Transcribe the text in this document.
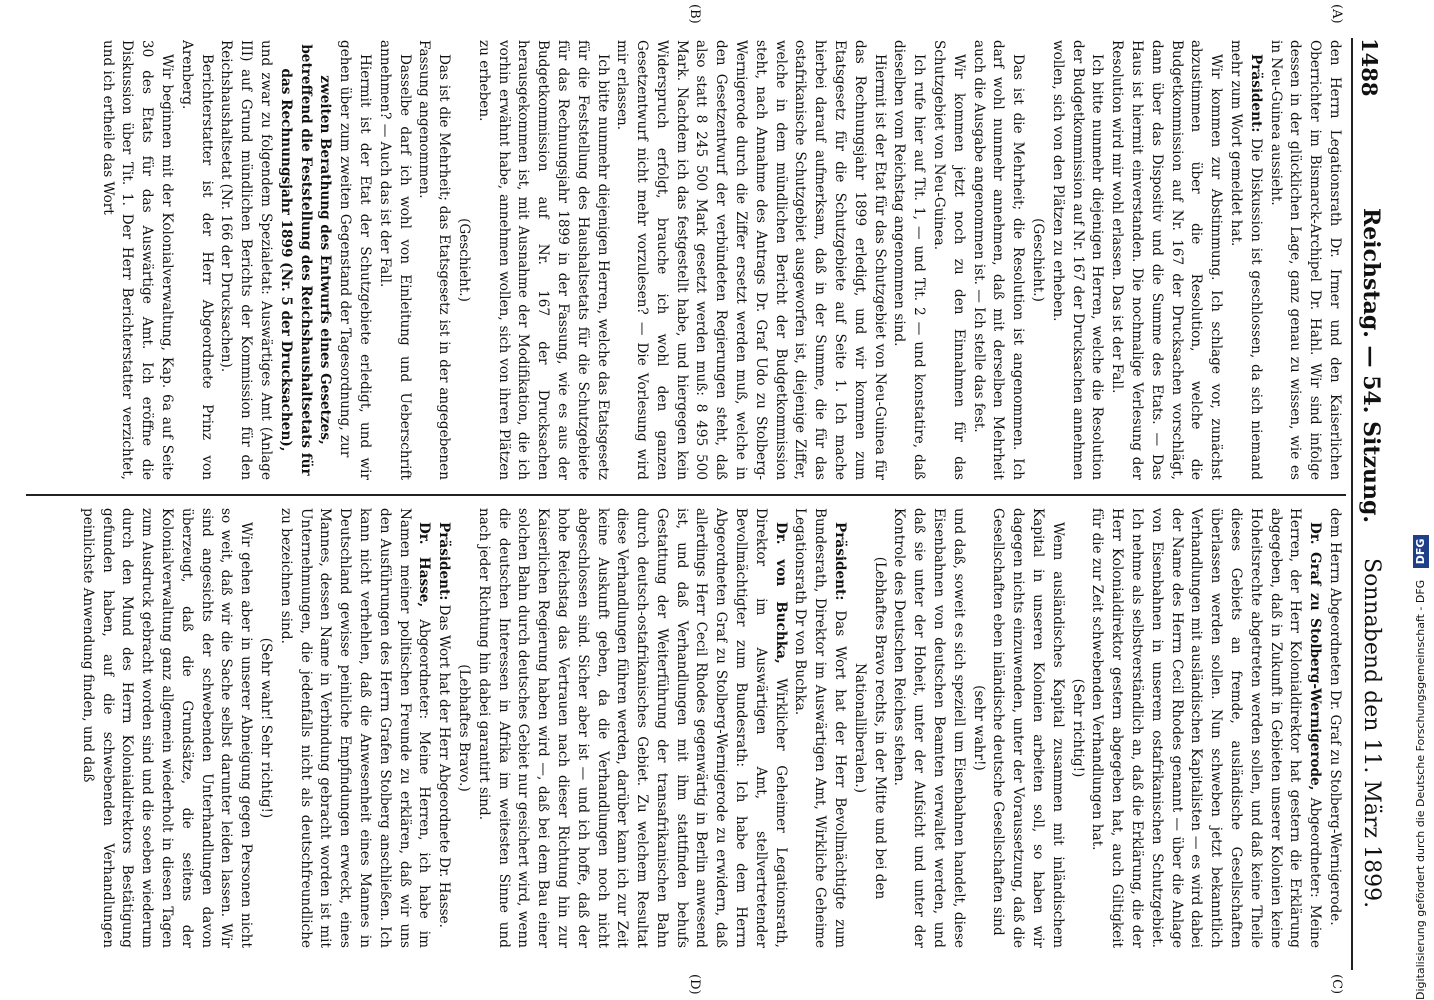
Digitalisierung gefördert durch die Deutsche Forschungsgemeinschaft - DFG DFG
1488
Reichstag. — 54. Sitzung.
Sonnabend den 11. März 1899.
(A)
(B)
(C)
(D)

den Herrn Legationsrath Dr. Irmer und den Kaiserlichen Oberrichter im Bismarck-Archipel Dr. Hahl. Wir sind infolge dessen in der glücklichen Lage, ganz genau zu wissen, wie es in Neu-Guinea aussieht.

Präsident: Die Diskussion ist geschlossen, da sich niemand mehr zum Wort gemeldet hat.

Wir kommen zur Abstimmung. Ich schlage vor, zunächst abzustimmen über die Resolution, welche die Budgetkommission auf Nr. 167 der Drucksachen vorschlägt, dann über das Dispositiv und die Summe des Etats. — Das Haus ist hiermit einverstanden. Die nochmalige Verlesung der Resolution wird mir wohl erlassen. Das ist der Fall.

Ich bitte nunmehr diejenigen Herren, welche die Resolution der Budgetkommission auf Nr. 167 der Drucksachen annehmen wollen, sich von den Plätzen zu erheben.

(Geschieht.)

Das ist die Mehrheit; die Resolution ist angenommen. Ich darf wohl nunmehr annehmen, daß mit derselben Mehrheit auch die Ausgabe angenommen ist. — Ich stelle das fest.

Wir kommen jetzt noch zu den Einnahmen für das Schutzgebiet von Neu-Guinea.

Ich rufe hier auf Tit. 1, — und Tit. 2 — und konstatire, daß dieselben vom Reichstag angenommen sind.

Hiermit ist der Etat für das Schutzgebiet von Neu-Guinea für das Rechnungsjahr 1899 erledigt, und wir kommen zum Etatsgesetz für die Schutzgebiete auf Seite 1. Ich mache hierbei darauf aufmerksam, daß in der Summe, die für das ostafrikanische Schutzgebiet ausgeworfen ist, diejenige Ziffer, welche in dem mündlichen Bericht der Budgetkommission steht, nach Annahme des Antrags Dr. Graf Udo zu Stolberg-Wernigerode durch die Ziffer ersetzt werden muß, welche in den Gesetzentwurf der verbündeten Regierungen steht, daß also statt 8 245 500 Mark gesetzt werden muß: 8 495 500 Mark. Nachdem ich das festgestellt habe, und hiergegen kein Widerspruch erfolgt, brauche ich wohl den ganzen Gesetzentwurf nicht mehr vorzulesen? — Die Vorlesung wird mir erlassen.

Ich bitte nunmehr diejenigen Herren, welche das Etatsgesetz für die Feststellung des Haushaltsetats für die Schutzgebiete für das Rechnungsjahr 1899 in der Fassung, wie es aus der Budgetkommission auf Nr. 167 der Drucksachen herausgekommen ist, mit Ausnahme der Modifikation, die ich vorhin erwähnt habe, annehmen wollen, sich von ihren Plätzen zu erheben.

(Geschieht.)

Das ist die Mehrheit; das Etatsgesetz ist in der angegebenen Fassung angenommen.

Dasselbe darf ich wohl von Einleitung und Ueberschrift annehmen? — Auch das ist der Fall.

Hiermit ist der Etat der Schutzgebiete erledigt, und wir gehen über zum zweiten Gegenstand der Tagesordnung, zur

zweiten Berathung des Entwurfs eines Gesetzes, betreffend die Feststellung des Reichshaushaltsetats für das Rechnungsjahr 1899 (Nr. 5 der Drucksachen),

und zwar zu folgendem Spezialetat: Auswärtiges Amt (Anlage III) auf Grund mündlichen Berichts der Kommission für den Reichshaushaltsetat (Nr. 166 der Drucksachen).

Berichterstatter ist der Herr Abgeordnete Prinz von Arenberg.

Wir beginnen mit der Kolonialverwaltung, Kap. 6a auf Seite 30 des Etats für das Auswärtige Amt. Ich eröffne die Diskussion über Tit. 1. Der Herr Berichterstatter verzichtet, und ich ertheile das Wort

dem Herrn Abgeordneten Dr. Graf zu Stolberg-Wernigerode.

Dr. Graf zu Stolberg-Wernigerode, Abgeordneter: Meine Herren, der Herr Kolonialdirektor hat gestern die Erklärung abgegeben, daß in Zukunft in Gebieten unserer Kolonien keine Hoheitsrechte abgetreten werden sollen, und daß keine Theile dieses Gebiets an fremde, ausländische Gesellschaften überlassen werden sollen. Nun schweben jetzt bekanntlich Verhandlungen mit ausländischen Kapitalisten — es wird dabei der Name des Herrn Cecil Rhodes genannt — über die Anlage von Eisenbahnen in unserem ostafrikanischen Schutzgebiet. Ich nehme als selbstverständlich an, daß die Erklärung, die der Herr Kolonialdirektor gestern abgegeben hat, auch Giltigkeit für die zur Zeit schwebenden Verhandlungen hat.

(Sehr richtig!)

Wenn ausländisches Kapital zusammen mit inländischem Kapital in unseren Kolonien arbeiten soll, so haben wir dagegen nichts einzuwenden, unter der Voraussetzung, daß die Gesellschaften eben inländische deutsche Gesellschaften sind

(sehr wahr!)

und daß, soweit es sich speziell um Eisenbahnen handelt, diese Eisenbahnen von deutschen Beamten verwaltet werden, und daß sie unter der Hoheit, unter der Aufsicht und unter der Kontrole des Deutschen Reiches stehen.

(Lebhaftes Bravo rechts, in der Mitte und bei den Nationalliberalen.)

Präsident: Das Wort hat der Herr Bevollmächtigte zum Bundesrath, Direktor im Auswärtigen Amt, Wirkliche Geheime Legationsrath Dr von Buchka.

Dr. von Buchka, Wirklicher Geheimer Legationsrath, Direktor im Auswärtigen Amt, stellvertretender Bevollmächtigter zum Bundesrath: Ich habe dem Herrn Abgeordneten Graf zu Stolberg-Wernigerode zu erwidern, daß allerdings Herr Cecil Rhodes gegenwärtig in Berlin anwesend ist, und daß Verhandlungen mit ihm stattfinden behufs Gestattung der Weiterführung der transafrikanischen Bahn durch deutsch-ostafrikanisches Gebiet. Zu welchem Resultat diese Verhandlungen führen werden, darüber kann ich zur Zeit keine Auskunft geben, da die Verhandlungen noch nicht abgeschlossen sind. Sicher aber ist — und ich hoffe, daß der hohe Reichstag das Vertrauen nach dieser Richtung hin zur Kaiserlichen Regierung haben wird —, daß bei dem Bau einer solchen Bahn durch deutsches Gebiet nur gesichert wird, wenn die deutschen Interessen in Afrika im weitesten Sinne und nach jeder Richtung hin dabei garantirt sind.

(Lebhaftes Bravo.)

Präsident: Das Wort hat der Herr Abgeordnete Dr. Hasse.

Dr. Hasse, Abgeordneter: Meine Herren, ich habe im Namen meiner politischen Freunde zu erklären, daß wir uns den Ausführungen des Herrn Grafen Stolberg anschließen. Ich kann nicht verhehlen, daß die Anwesenheit eines Mannes in Deutschland gewisse peinliche Empfindungen erweckt, eines Mannes, dessen Name in Verbindung gebracht worden ist mit Unternehmungen, die jedenfalls nicht als deutschfreundliche zu bezeichnen sind.

(Sehr wahr! Sehr richtig!)

Wir gehen aber in unserer Abneigung gegen Personen nicht so weit, daß wir die Sache selbst darunter leiden lassen. Wir sind angesichts der schwebenden Unterhandlungen davon überzeugt, daß die Grundsätze, die seitens der Kolonialverwaltung ganz allgemein wiederholt in diesen Tagen zum Ausdruck gebracht worden sind und die soeben wiederum durch den Mund des Herrn Kolonialdirektors Bestätigung gefunden haben, auf die schwebenden Verhandlungen peinlichste Anwendung finden, und daß
